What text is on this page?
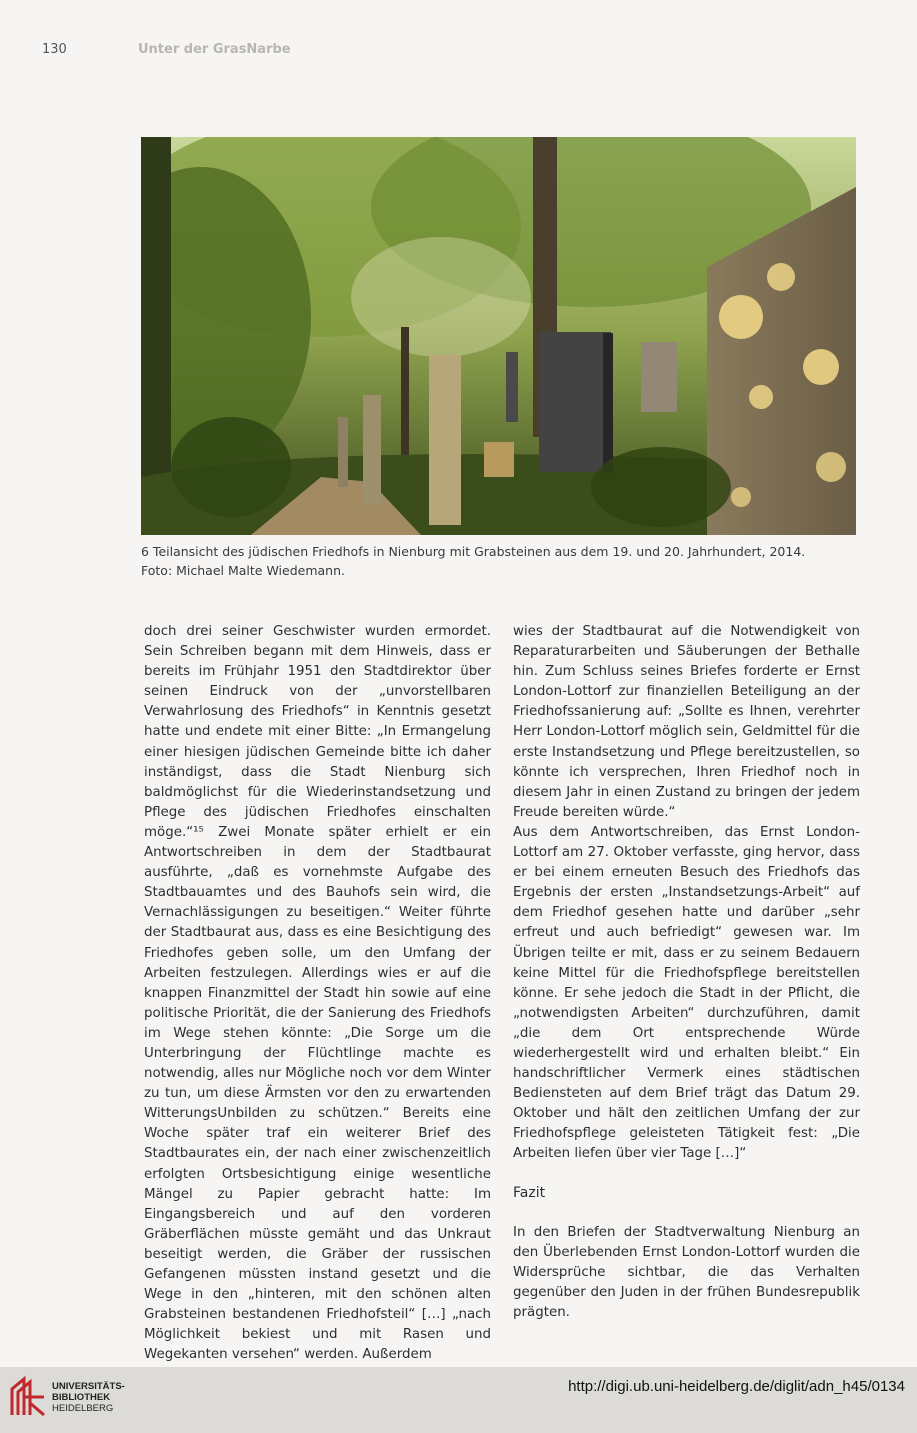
130	Unter der GrasNarbe

6 Teilansicht des jüdischen Friedhofs in Nienburg mit Grabsteinen aus dem 19. und 20. Jahrhundert, 2014.

Foto: Michael Malte Wiedemann.

doch drei seiner Geschwister wurden ermordet. Sein Schreiben begann mit dem Hinweis, dass er bereits im Frühjahr 1951 den Stadtdirektor über seinen Eindruck von der „unvorstellbaren Verwahrlosung des Friedhofs“ in Kenntnis gesetzt hatte und endete mit einer Bitte: „In Ermangelung einer hiesigen jüdischen Gemeinde bitte ich daher inständigst, dass die Stadt Nienburg sich baldmöglichst für die Wiederinstandsetzung und Pflege des jüdischen Friedhofes einschalten möge.“¹⁵ Zwei Monate später erhielt er ein Antwortschreiben in dem der Stadtbaurat ausführte, „daß es vornehmste Aufgabe des Stadtbauamtes und des Bauhofs sein wird, die Vernachlässigungen zu beseitigen.“ Weiter führte der Stadtbaurat aus, dass es eine Besichtigung des Friedhofes geben solle, um den Umfang der Arbeiten festzulegen. Allerdings wies er auf die knappen Finanzmittel der Stadt hin sowie auf eine politische Priorität, die der Sanierung des Friedhofs im Wege stehen könnte: „Die Sorge um die Unterbringung der Flüchtlinge machte es notwendig, alles nur Mögliche noch vor dem Winter zu tun, um diese Ärmsten vor den zu erwartenden WitterungsUnbilden zu schützen.“ Bereits eine Woche später traf ein weiterer Brief des Stadtbaurates ein, der nach einer zwischenzeitlich erfolgten Ortsbesichtigung einige wesentliche Mängel zu Papier gebracht hatte: Im Eingangsbereich und auf den vorderen Gräberflächen müsste gemäht und das Unkraut beseitigt werden, die Gräber der russischen Gefangenen müssten instand gesetzt und die Wege in den „hinteren, mit den schönen alten Grabsteinen bestandenen Friedhofsteil“ […] „nach Möglichkeit bekiest und mit Rasen und Wegekanten versehen“ werden. Außerdem

wies der Stadtbaurat auf die Notwendigkeit von Reparaturarbeiten und Säuberungen der Bethalle hin. Zum Schluss seines Briefes forderte er Ernst London-Lottorf zur finanziellen Beteiligung an der Friedhofssanierung auf: „Sollte es Ihnen, verehrter Herr London-Lottorf möglich sein, Geldmittel für die erste Instandsetzung und Pflege bereitzustellen, so könnte ich versprechen, Ihren Friedhof noch in diesem Jahr in einen Zustand zu bringen der jedem Freude bereiten würde.“

Aus dem Antwortschreiben, das Ernst London-Lottorf am 27. Oktober verfasste, ging hervor, dass er bei einem erneuten Besuch des Friedhofs das Ergebnis der ersten „Instandsetzungs-Arbeit“ auf dem Friedhof gesehen hatte und darüber „sehr erfreut und auch befriedigt“ gewesen war. Im Übrigen teilte er mit, dass er zu seinem Bedauern keine Mittel für die Friedhofspflege bereitstellen könne. Er sehe jedoch die Stadt in der Pflicht, die „notwendigsten Arbeiten“ durchzuführen, damit „die dem Ort entsprechende Würde wiederhergestellt wird und erhalten bleibt.“ Ein handschriftlicher Vermerk eines städtischen Bediensteten auf dem Brief trägt das Datum 29. Oktober und hält den zeitlichen Umfang der zur Friedhofspflege geleisteten Tätigkeit fest: „Die Arbeiten liefen über vier Tage […]“

Fazit

In den Briefen der Stadtverwaltung Nienburg an den Überlebenden Ernst London-Lottorf wurden die Widersprüche sichtbar, die das Verhalten gegenüber den Juden in der frühen Bundesrepublik prägten.

UNIVERSITÄTS-
BIBLIOTHEK
HEIDELBERG
http://digi.ub.uni-heidelberg.de/diglit/adn_h45/0134
